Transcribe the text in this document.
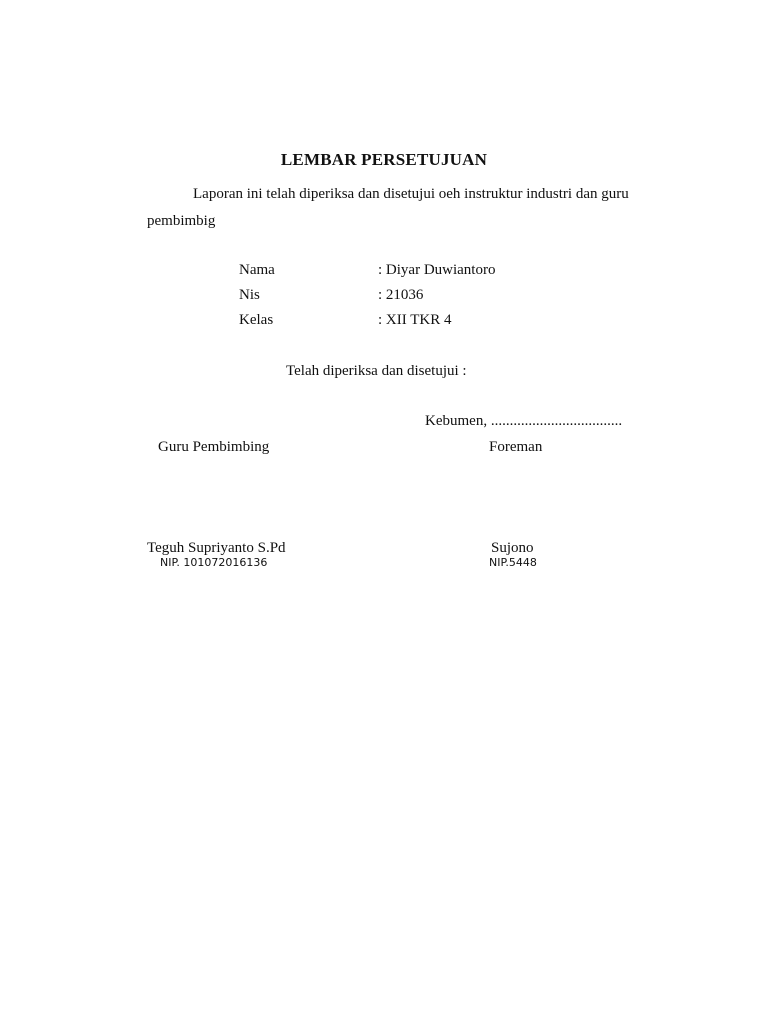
LEMBAR PERSETUJUAN
Laporan ini telah diperiksa dan disetujui oeh instruktur industri dan guru
pembimbig
Nama	: Diyar Duwiantoro
Nis	: 21036
Kelas	: XII TKR 4
Telah diperiksa dan disetujui :
Kebumen, ...................................
Guru Pembimbing	Foreman
Teguh Supriyanto S.Pd	Sujono
NIP. 101072016136	NIP.5448
